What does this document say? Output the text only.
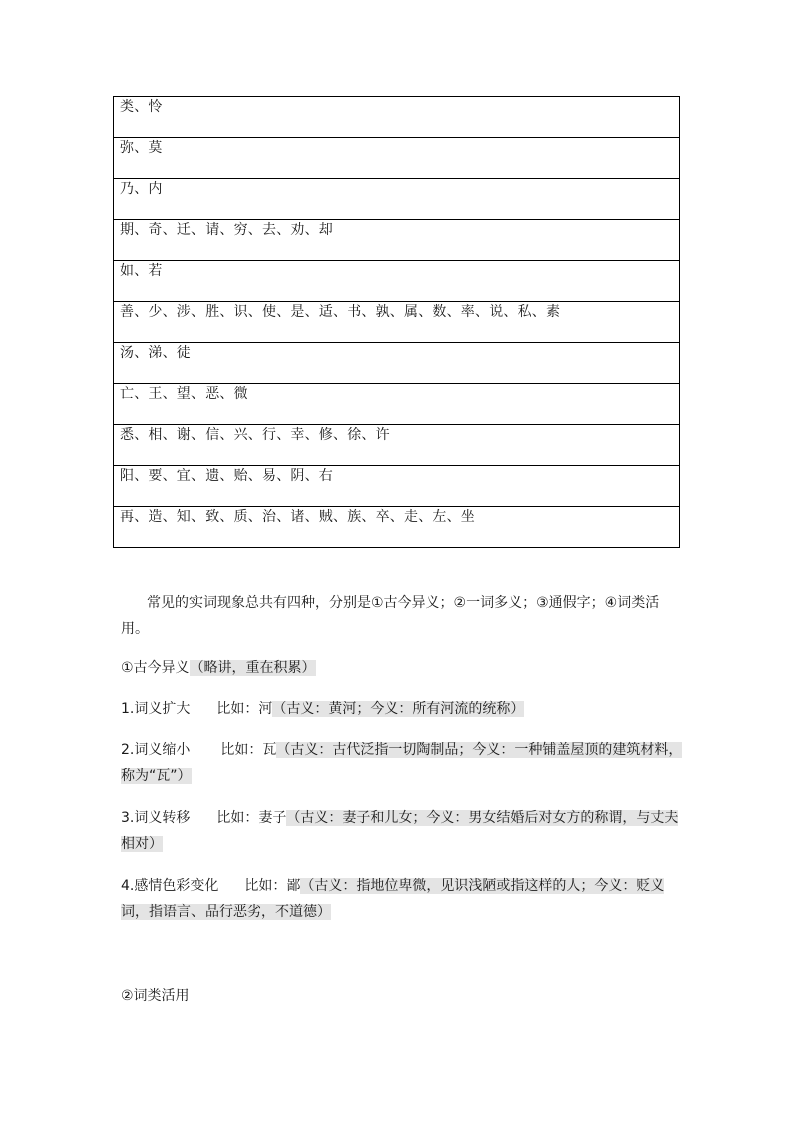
类、怜
弥、莫
乃、内
期、奇、迁、请、穷、去、劝、却
如、若
善、少、涉、胜、识、使、是、适、书、孰、属、数、率、说、私、素
汤、涕、徒
亡、王、望、恶、微
悉、相、谢、信、兴、行、幸、修、徐、许
阳、要、宜、遗、贻、易、阴、右
再、造、知、致、质、治、诸、贼、族、卒、走、左、坐

常见的实词现象总共有四种，分别是①古今异义；②一词多义；③通假字；④词类活用。

①古今异义（略讲，重在积累）

1.词义扩大 比如：河（古义：黄河；今义：所有河流的统称）

2.词义缩小 比如：瓦（古义：古代泛指一切陶制品；今义：一种铺盖屋顶的建筑材料，称为“瓦”）

3.词义转移 比如：妻子（古义：妻子和儿女；今义：男女结婚后对女方的称谓，与丈夫相对）

4.感情色彩变化 比如：鄙（古义：指地位卑微，见识浅陋或指这样的人；今义：贬义词，指语言、品行恶劣，不道德）

②词类活用
